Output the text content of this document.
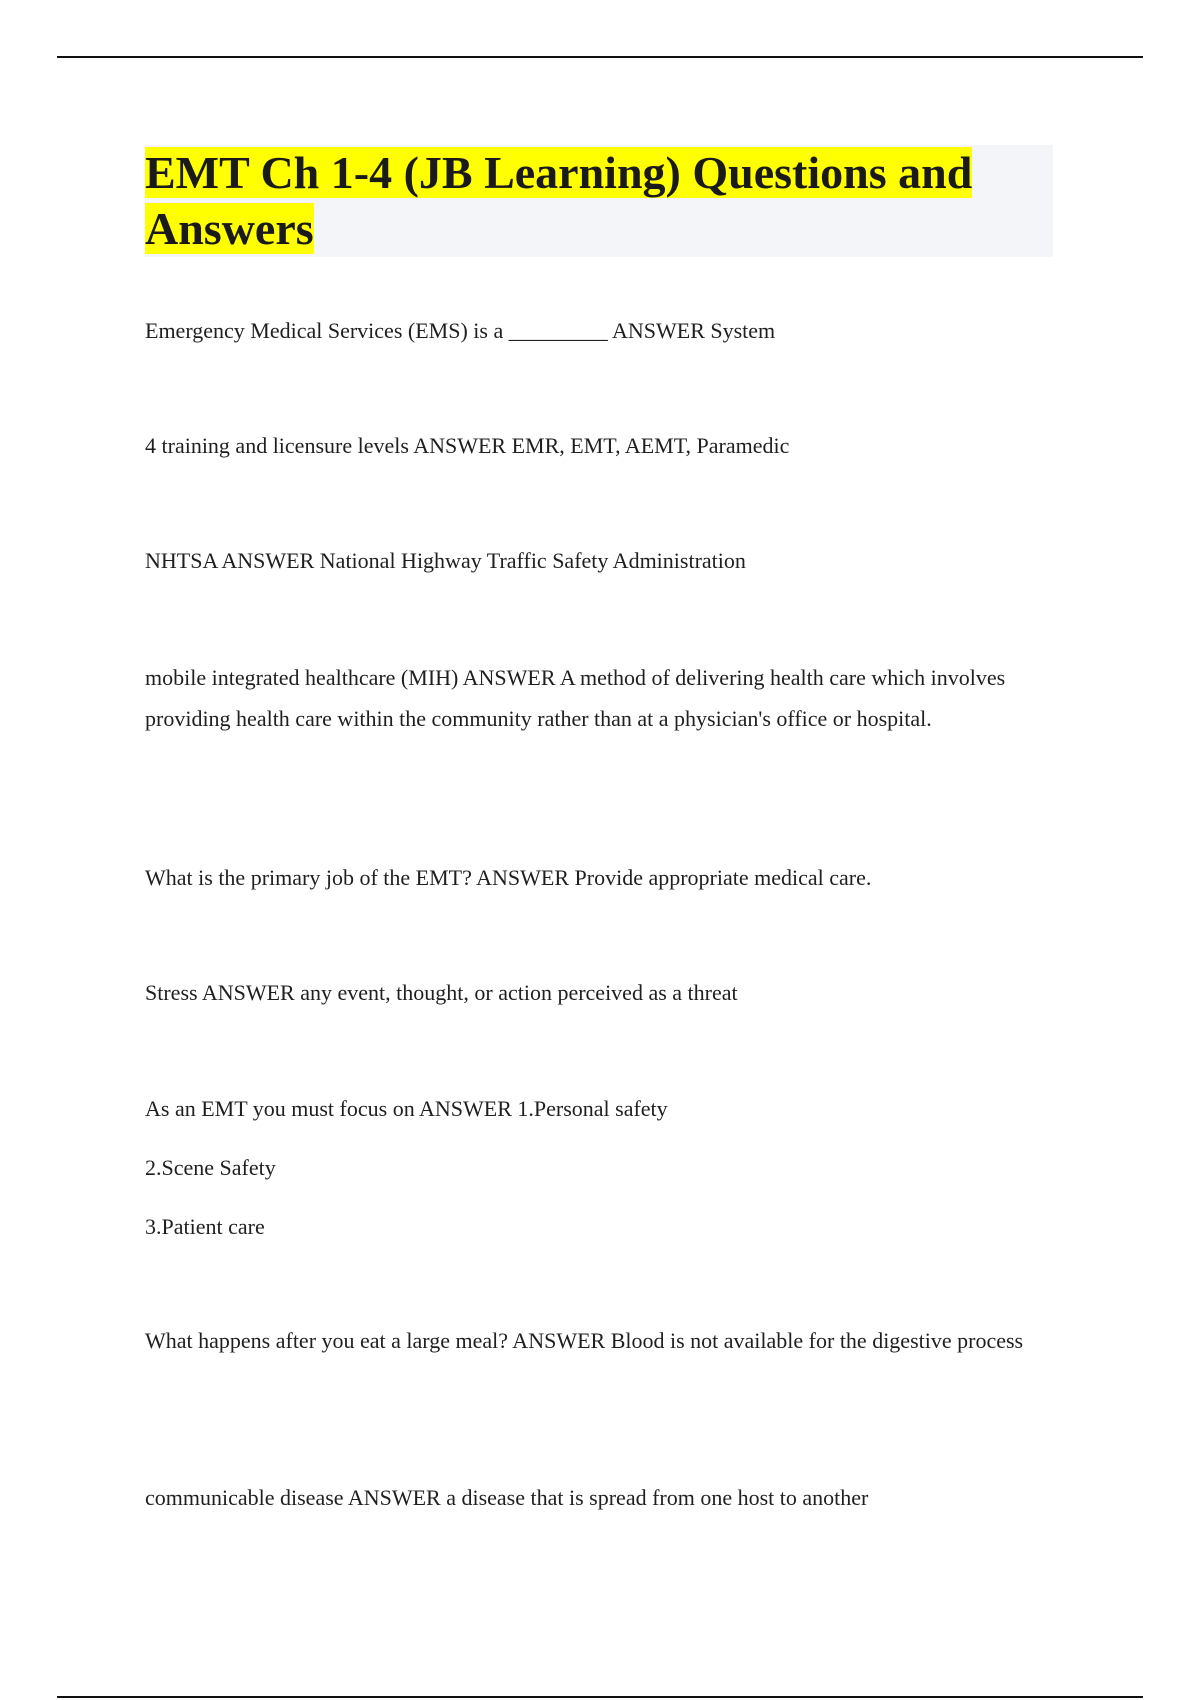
EMT Ch 1-4 (JB Learning) Questions and Answers

Emergency Medical Services (EMS) is a _________ ANSWER System

4 training and licensure levels ANSWER EMR, EMT, AEMT, Paramedic

NHTSA ANSWER National Highway Traffic Safety Administration

mobile integrated healthcare (MIH) ANSWER A method of delivering health care which involves providing health care within the community rather than at a physician's office or hospital.

What is the primary job of the EMT? ANSWER Provide appropriate medical care.

Stress ANSWER any event, thought, or action perceived as a threat

As an EMT you must focus on ANSWER 1.Personal safety

2.Scene Safety

3.Patient care

What happens after you eat a large meal? ANSWER Blood is not available for the digestive process

communicable disease ANSWER a disease that is spread from one host to another
